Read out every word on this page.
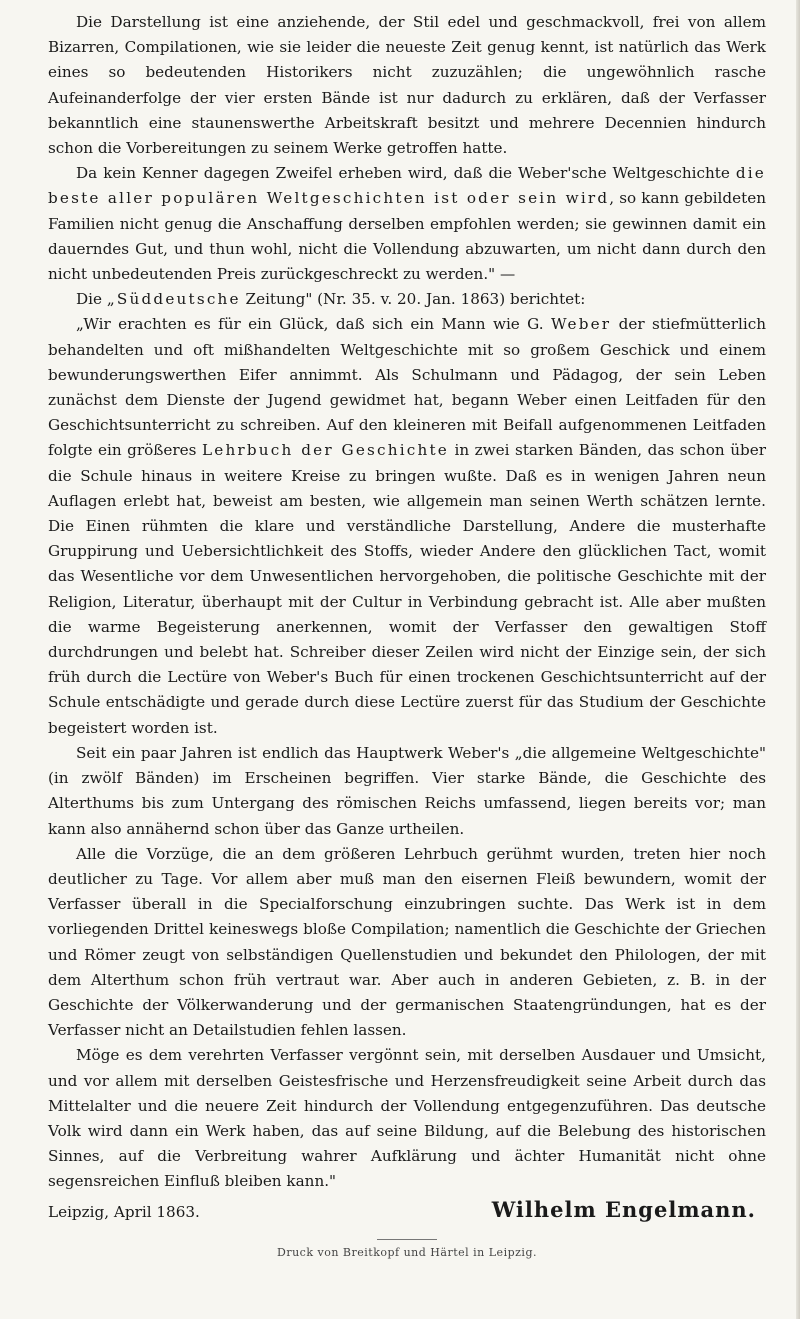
Die Darstellung ist eine anziehende, der Stil edel und geschmackvoll, frei von allem Bizarren, Compilationen, wie sie leider die neueste Zeit genug kennt, ist natürlich das Werk eines so bedeutenden Historikers nicht zuzuzählen; die ungewöhnlich rasche Aufeinanderfolge der vier ersten Bände ist nur dadurch zu erklären, daß der Verfasser bekanntlich eine staunenswerthe Arbeitskraft besitzt und mehrere Decennien hindurch schon die Vorbereitungen zu seinem Werke getroffen hatte.

Da kein Kenner dagegen Zweifel erheben wird, daß die Weber'sche Weltgeschichte die beste aller populären Weltgeschichten ist oder sein wird, so kann gebildeten Familien nicht genug die Anschaffung derselben empfohlen werden; sie gewinnen damit ein dauerndes Gut, und thun wohl, nicht die Vollendung abzuwarten, um nicht dann durch den nicht unbedeutenden Preis zurückgeschreckt zu werden." —

Die „Süddeutsche Zeitung" (Nr. 35. v. 20. Jan. 1863) berichtet:

„Wir erachten es für ein Glück, daß sich ein Mann wie G. Weber der stiefmütterlich behandelten und oft mißhandelten Weltgeschichte mit so großem Geschick und einem bewunderungswerthen Eifer annimmt. Als Schulmann und Pädagog, der sein Leben zunächst dem Dienste der Jugend gewidmet hat, begann Weber einen Leitfaden für den Geschichtsunterricht zu schreiben. Auf den kleineren mit Beifall aufgenommenen Leitfaden folgte ein größeres Lehrbuch der Geschichte in zwei starken Bänden, das schon über die Schule hinaus in weitere Kreise zu bringen wußte. Daß es in wenigen Jahren neun Auflagen erlebt hat, beweist am besten, wie allgemein man seinen Werth schätzen lernte. Die Einen rühmten die klare und verständliche Darstellung, Andere die musterhafte Gruppirung und Uebersichtlichkeit des Stoffs, wieder Andere den glücklichen Tact, womit das Wesentliche vor dem Unwesentlichen hervorgehoben, die politische Geschichte mit der Religion, Literatur, überhaupt mit der Cultur in Verbindung gebracht ist. Alle aber mußten die warme Begeisterung anerkennen, womit der Verfasser den gewaltigen Stoff durchdrungen und belebt hat. Schreiber dieser Zeilen wird nicht der Einzige sein, der sich früh durch die Lectüre von Weber's Buch für einen trockenen Geschichtsunterricht auf der Schule entschädigte und gerade durch diese Lectüre zuerst für das Studium der Geschichte begeistert worden ist.

Seit ein paar Jahren ist endlich das Hauptwerk Weber's „die allgemeine Weltgeschichte" (in zwölf Bänden) im Erscheinen begriffen. Vier starke Bände, die Geschichte des Alterthums bis zum Untergang des römischen Reichs umfassend, liegen bereits vor; man kann also annähernd schon über das Ganze urtheilen.

Alle die Vorzüge, die an dem größeren Lehrbuch gerühmt wurden, treten hier noch deutlicher zu Tage. Vor allem aber muß man den eisernen Fleiß bewundern, womit der Verfasser überall in die Specialforschung einzubringen suchte. Das Werk ist in dem vorliegenden Drittel keineswegs bloße Compilation; namentlich die Geschichte der Griechen und Römer zeugt von selbständigen Quellenstudien und bekundet den Philologen, der mit dem Alterthum schon früh vertraut war. Aber auch in anderen Gebieten, z. B. in der Geschichte der Völkerwanderung und der germanischen Staatengründungen, hat es der Verfasser nicht an Detailstudien fehlen lassen.

Möge es dem verehrten Verfasser vergönnt sein, mit derselben Ausdauer und Umsicht, und vor allem mit derselben Geistesfrische und Herzensfreudigkeit seine Arbeit durch das Mittelalter und die neuere Zeit hindurch der Vollendung entgegenzuführen. Das deutsche Volk wird dann ein Werk haben, das auf seine Bildung, auf die Belebung des historischen Sinnes, auf die Verbreitung wahrer Aufklärung und ächter Humanität nicht ohne segensreichen Einfluß bleiben kann."

Leipzig, April 1863.	Wilhelm Engelmann.
Druck von Breitkopf und Härtel in Leipzig.
